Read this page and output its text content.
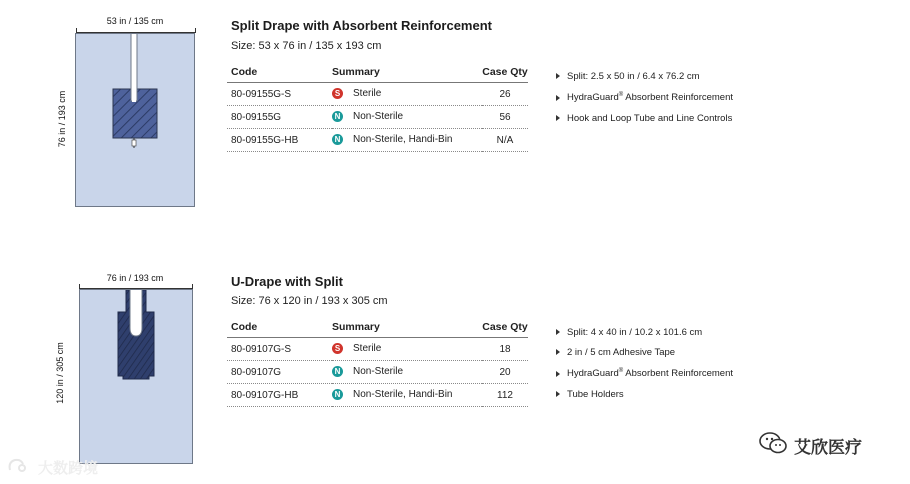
53 in / 135 cm
76 in / 193 cm
Split Drape with Absorbent Reinforcement
Size: 53 x 76 in / 135 x 193 cm
Code	Summary	Case Qty
80-09155G-S	S Sterile	26
80-09155G	N Non-Sterile	56
80-09155G-HB	N Non-Sterile, Handi-Bin	N/A
Split: 2.5 x 50 in / 6.4 x 76.2 cm
HydraGuard® Absorbent Reinforcement
Hook and Loop Tube and Line Controls
76 in / 193 cm
120 in / 305 cm
U-Drape with Split
Size: 76 x 120 in / 193 x 305 cm
Code	Summary	Case Qty
80-09107G-S	S Sterile	18
80-09107G	N Non-Sterile	20
80-09107G-HB	N Non-Sterile, Handi-Bin	112
Split: 4 x 40 in / 10.2 x 101.6 cm
2 in / 5 cm Adhesive Tape
HydraGuard® Absorbent Reinforcement
Tube Holders
大数跨境
艾欣医疗
